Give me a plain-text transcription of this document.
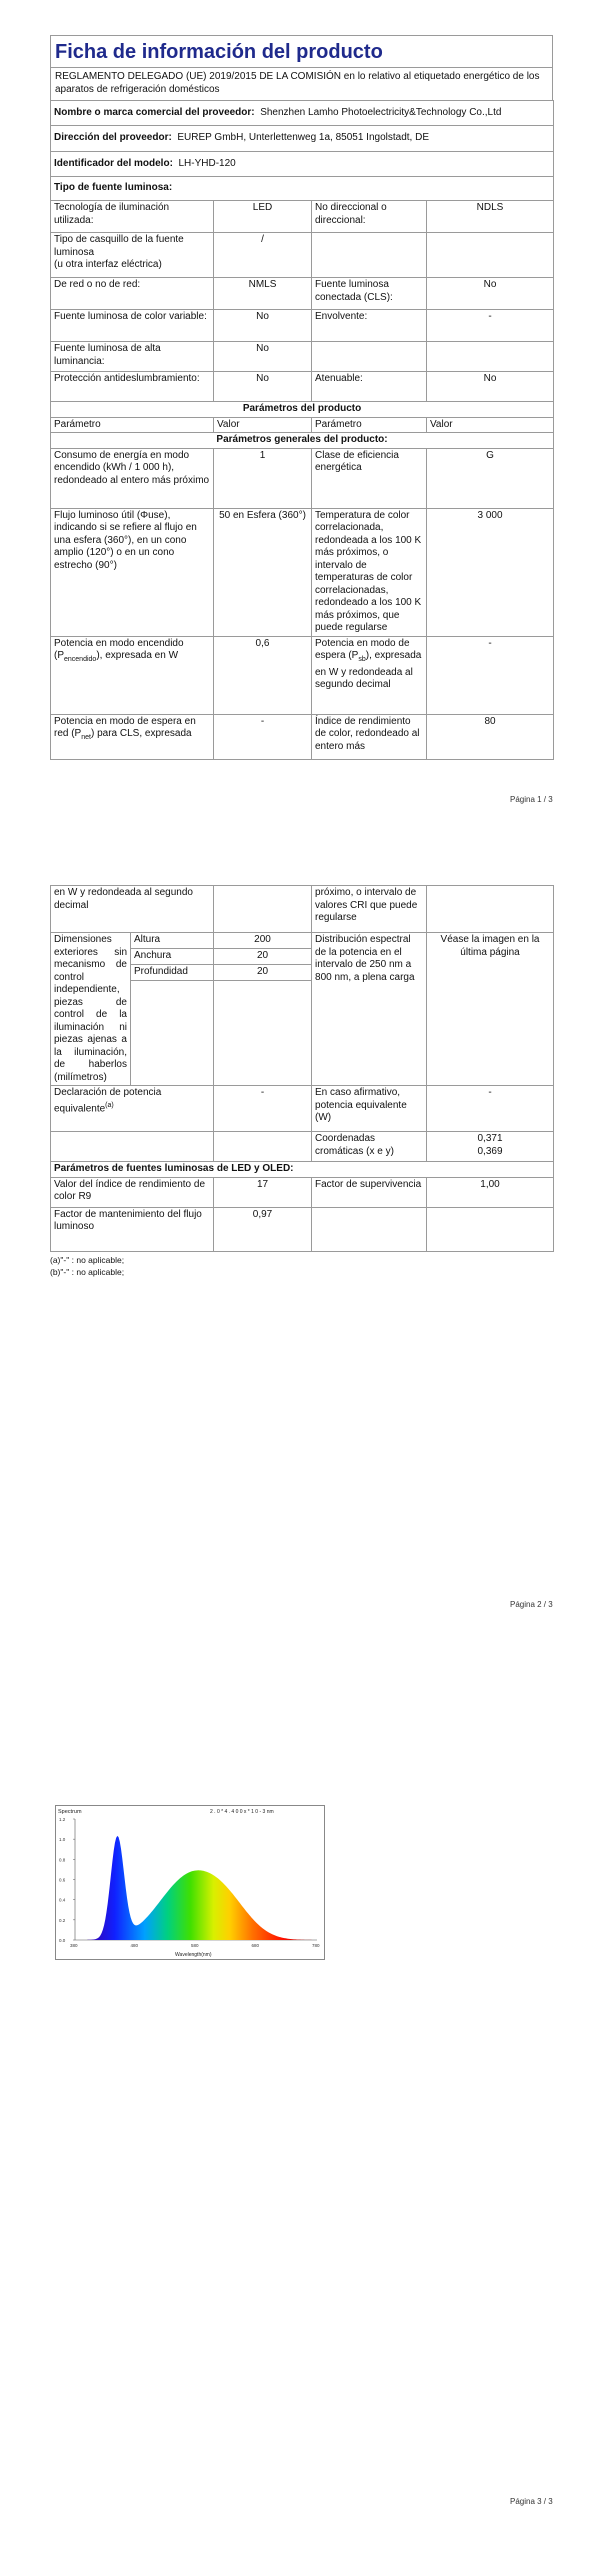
Ficha de información del producto
REGLAMENTO DELEGADO (UE) 2019/2015 DE LA COMISIÓN en lo relativo al etiquetado energético de los aparatos de refrigeración domésticos
Nombre o marca comercial del proveedor: Shenzhen Lamho Photoelectricity&Technology Co.,Ltd			
Dirección del proveedor: EUREP GmbH, Unterlettenweg 1a, 85051 Ingolstadt, DE			
Identificador del modelo: LH-YHD-120			
Tipo de fuente luminosa:			
Tecnología de iluminación utilizada:	LED	No direccional o direccional:	NDLS

Tipo de casquillo de la fuente luminosa
(u otra interfaz eléctrica)	/		
De red o no de red:	NMLS	Fuente luminosa conectada (CLS):	No
Fuente luminosa de color variable:	No	Envolvente:	-
Fuente luminosa de alta luminancia:	No		
Protección antideslumbramiento:	No	Atenuable:	No
Parámetros del producto			
Parámetro	Valor	Parámetro	Valor
Parámetros generales del producto:			
Consumo de energía en modo encendido (kWh / 1 000 h), redondeado al entero más próximo	1	Clase de eficiencia energética	G
Flujo luminoso útil (Φuse), indicando si se refiere al flujo en una esfera (360°), en un cono amplio (120°) o en un cono estrecho (90°)	50 en Esfera (360°)	Temperatura de color correlacionada, redondeada a los 100 K más próximos, o intervalo de temperaturas de color correlacionadas, redondeado a los 100 K más próximos, que puede regularse	3 000
Potencia en modo encendido $(P_{encendido})$, expresada en W	0,6	Potencia en modo de espera $(P_{sb})$, expresada en W y redondeada al segundo decimal	-
Potencia en modo de espera en red $(P_{net})$ para CLS, expresada	-	Índice de rendimiento de color, redondeado al entero más	80
Página 1 / 3
en W y redondeada al segundo decimal			próximo, o intervalo de valores CRI que puede regularse	
Dimensiones exteriores sin mecanismo de control independiente, piezas de control de la iluminación ni piezas ajenas a la iluminación, de haberlos (milímetros)	Altura	200	Distribución espectral de la potencia en el intervalo de 250 nm a 800 nm, a plena carga	Véase la imagen en la última página
	Anchura	20		
	Profundidad	20		

Declaración de potencia equivalente$^{(a)}$		-	En caso afirmativo, potencia equivalente (W)	-
			Coordenadas cromáticas (x e y)	0,371
0,369

Parámetros de fuentes luminosas de LED y OLED:				
Valor del índice de rendimiento de color R9		17	Factor de supervivencia	1,00
Factor de mantenimiento del flujo luminoso		0,97		
(a)"-" : no aplicable;
(b)"-" : no aplicable;
Página 2 / 3
Spectrum	2 . 0 * 4 . 4 0 0 x * 1 0 - 3 nm
1.2
1.0
0.8
0.6
0.4
0.2
0.0
380	480	580	680	780
Wavelength(nm)
Página 3 / 3
